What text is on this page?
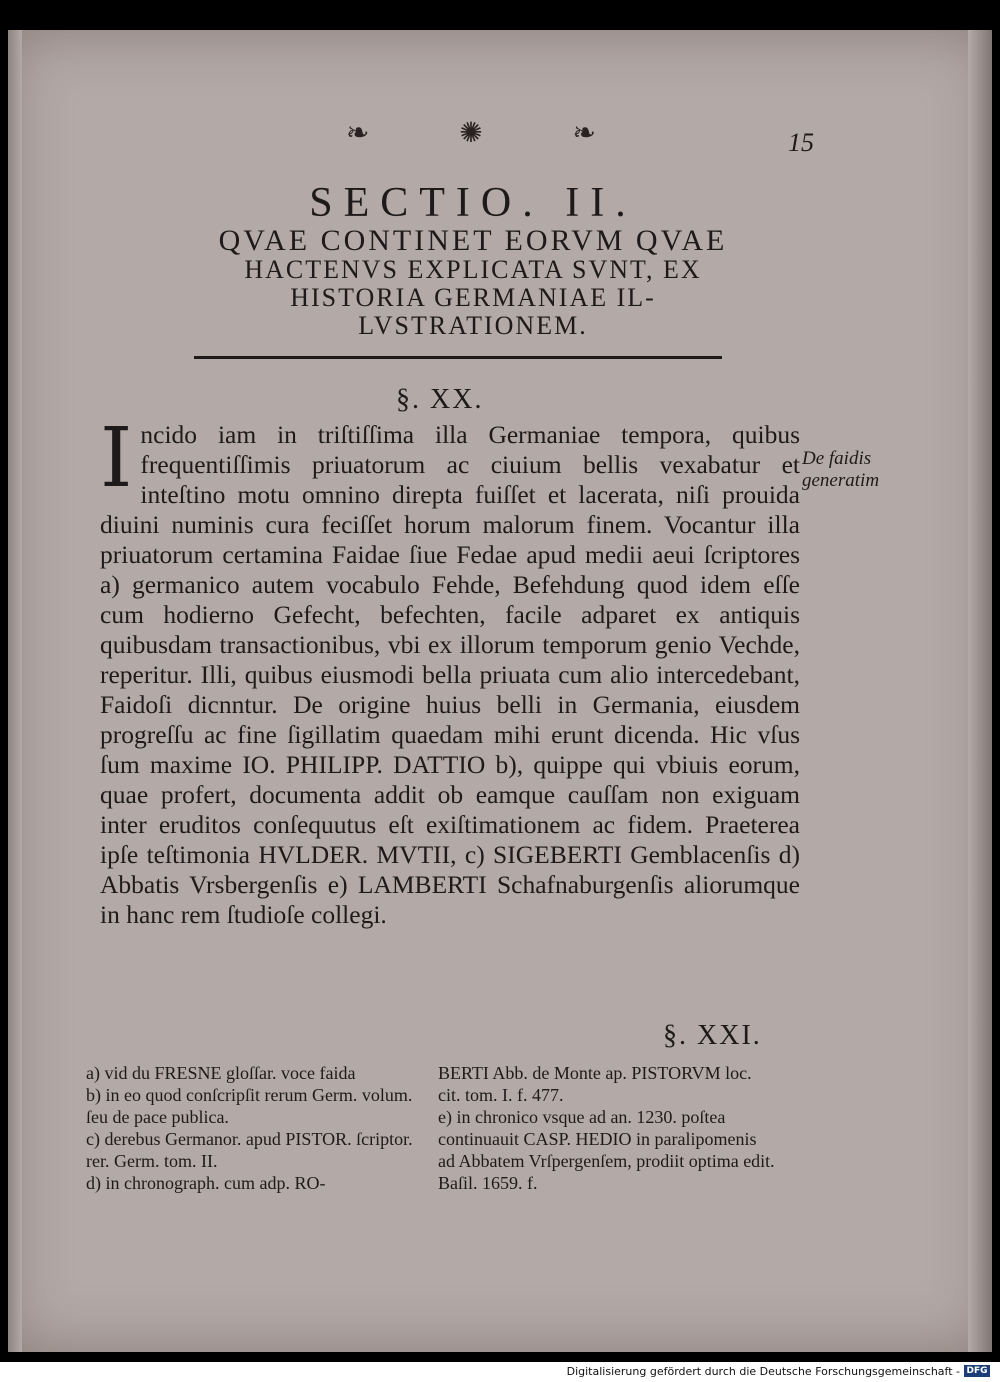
❧	✺	❧	15
SECTIO. II.
QVAE CONTINET EORVM QVAE
HACTENVS EXPLICATA SVNT, EX
HISTORIA GERMANIAE IL-
LVSTRATIONEM.
§. XX.
I ncido iam in triſtiſſima illa Germaniae tempora, quibus frequentiſſimis priuatorum ac ciuium bellis vexabatur et inteſtino motu omnino direpta fuiſſet et lacerata, niſi prouida diuini numinis cura feciſſet horum malorum finem. Vocantur illa priuatorum certamina Faidae ſiue Fedae apud medii aeui ſcriptores a) germanico autem vocabulo Fehde, Befehdung quod idem eſſe cum hodierno Gefecht, befechten, facile adparet ex antiquis quibusdam transactionibus, vbi ex illorum temporum genio Vechde, reperitur. Illi, quibus eiusmodi bella priuata cum alio intercedebant, Faidoſi dicnntur. De origine huius belli in Germania, eiusdem progreſſu ac fine ſigillatim quaedam mihi erunt dicenda. Hic vſus ſum maxime IO. PHILIPP. DATTIO b), quippe qui vbiuis eorum, quae profert, documenta addit ob eamque cauſſam non exiguam inter eruditos conſequutus eſt exiſtimationem ac fidem. Praeterea ipſe teſtimonia HVLDER. MVTII, c) SIGEBERTI Gemblacenſis d) Abbatis Vrsbergenſis e) LAMBERTI Schafnaburgenſis aliorumque in hanc rem ſtudioſe collegi.
De faidis generatim
§. XXI.

a) vid du FRESNE gloſſar. voce faida

b) in eo quod conſcripſit rerum Germ. volum. ſeu de pace publica.

c) derebus Germanor. apud PISTOR. ſcriptor. rer. Germ. tom. II.

d) in chronograph. cum adp. RO-

BERTI Abb. de Monte ap. PISTORVM loc. cit. tom. I. f. 477.

e) in chronico vsque ad an. 1230. poſtea continuauit CASP. HEDIO in paralipomenis ad Abbatem Vrſpergenſem, prodiit optima edit. Baſil. 1659. f.

Digitalisierung gefördert durch die Deutsche Forschungsgemeinschaft - DFG
